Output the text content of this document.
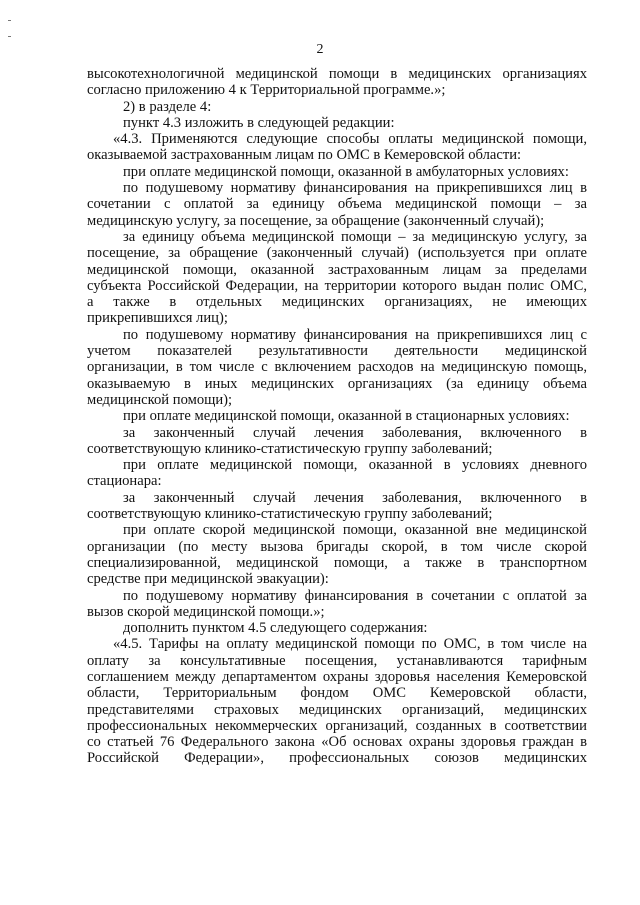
2
высокотехнологичной медицинской помощи в медицинских организациях
согласно приложению 4 к Территориальной программе.»;
2) в разделе 4:
пункт 4.3 изложить в следующей редакции:
«4.3. Применяются следующие способы оплаты медицинской помощи,
оказываемой застрахованным лицам по ОМС в Кемеровской области:
при оплате медицинской помощи, оказанной в амбулаторных условиях:
по подушевому нормативу финансирования на прикрепившихся лиц в
сочетании с оплатой за единицу объема медицинской помощи – за
медицинскую услугу, за посещение, за обращение (законченный случай);
за единицу объема медицинской помощи – за медицинскую услугу, за
посещение, за обращение (законченный случай) (используется при оплате
медицинской помощи, оказанной застрахованным лицам за пределами
субъекта Российской Федерации, на территории которого выдан полис ОМС,
а также в отдельных медицинских организациях, не имеющих
прикрепившихся лиц);
по подушевому нормативу финансирования на прикрепившихся лиц с
учетом показателей результативности деятельности медицинской
организации, в том числе с включением расходов на медицинскую помощь,
оказываемую в иных медицинских организациях (за единицу объема
медицинской помощи);
при оплате медицинской помощи, оказанной в стационарных условиях:
за законченный случай лечения заболевания, включенного в
соответствующую клинико-статистическую группу заболеваний;
при оплате медицинской помощи, оказанной в условиях дневного
стационара:
за законченный случай лечения заболевания, включенного в
соответствующую клинико-статистическую группу заболеваний;
при оплате скорой медицинской помощи, оказанной вне медицинской
организации (по месту вызова бригады скорой, в том числе скорой
специализированной, медицинской помощи, а также в транспортном
средстве при медицинской эвакуации):
по подушевому нормативу финансирования в сочетании с оплатой за
вызов скорой медицинской помощи.»;
дополнить пунктом 4.5 следующего содержания:
«4.5. Тарифы на оплату медицинской помощи по ОМС, в том числе на
оплату за консультативные посещения, устанавливаются тарифным
соглашением между департаментом охраны здоровья населения Кемеровской
области, Территориальным фондом ОМС Кемеровской области,
представителями страховых медицинских организаций, медицинских
профессиональных некоммерческих организаций, созданных в соответствии
со статьей 76 Федерального закона «Об основах охраны здоровья граждан в
Российской Федерации», профессиональных союзов медицинских
